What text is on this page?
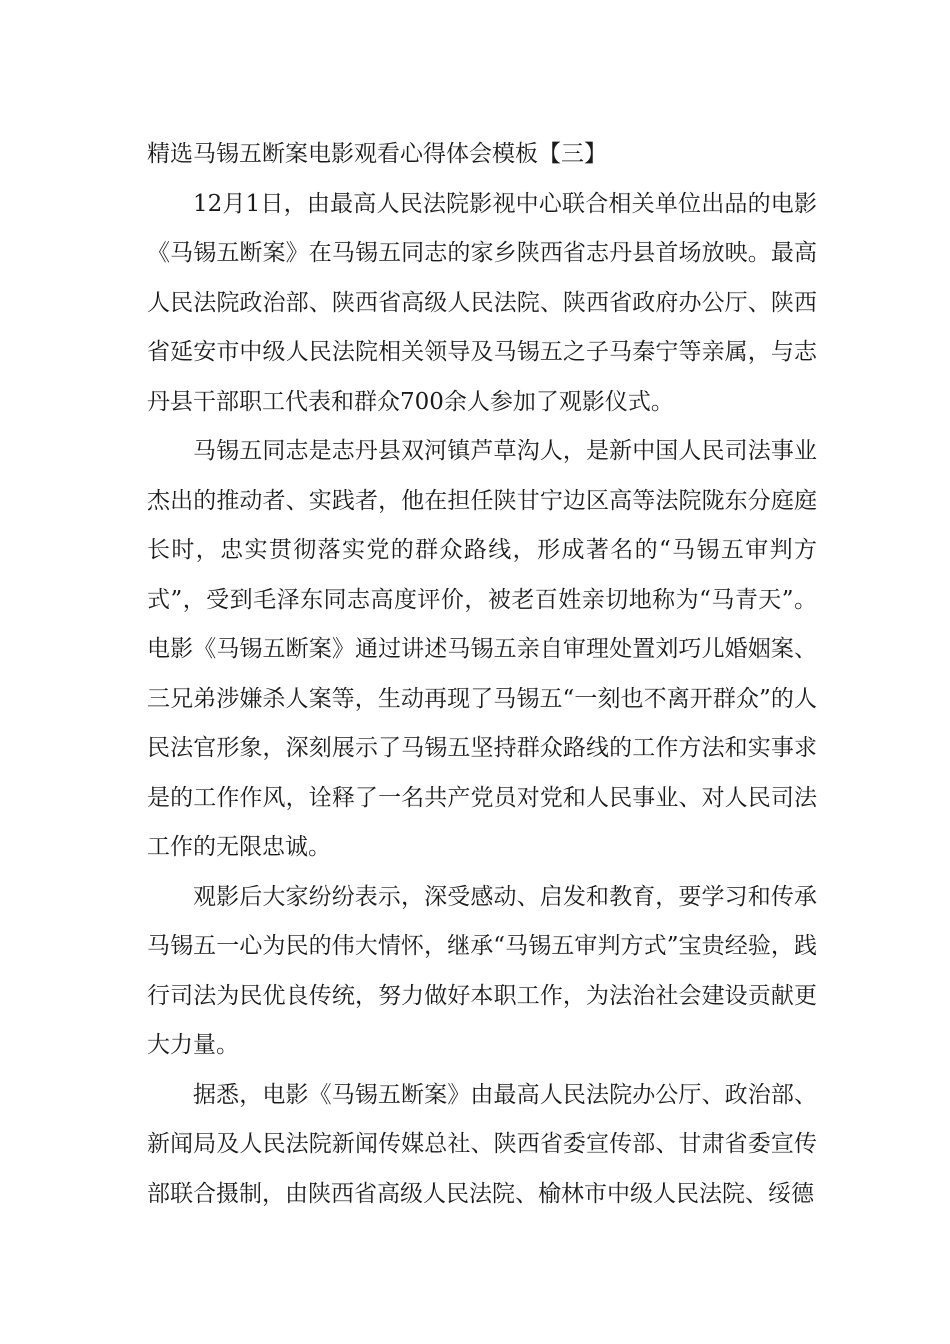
精选马锡五断案电影观看心得体会模板【三】

12月1日，由最高人民法院影视中心联合相关单位出品的电影《马锡五断案》在马锡五同志的家乡陕西省志丹县首场放映。最高人民法院政治部、陕西省高级人民法院、陕西省政府办公厅、陕西省延安市中级人民法院相关领导及马锡五之子马秦宁等亲属，与志丹县干部职工代表和群众700余人参加了观影仪式。

马锡五同志是志丹县双河镇芦草沟人，是新中国人民司法事业杰出的推动者、实践者，他在担任陕甘宁边区高等法院陇东分庭庭长时，忠实贯彻落实党的群众路线，形成著名的“马锡五审判方式”，受到毛泽东同志高度评价，被老百姓亲切地称为“马青天”。电影《马锡五断案》通过讲述马锡五亲自审理处置刘巧儿婚姻案、三兄弟涉嫌杀人案等，生动再现了马锡五“一刻也不离开群众”的人民法官形象，深刻展示了马锡五坚持群众路线的工作方法和实事求是的工作作风，诠释了一名共产党员对党和人民事业、对人民司法工作的无限忠诚。

观影后大家纷纷表示，深受感动、启发和教育，要学习和传承马锡五一心为民的伟大情怀，继承“马锡五审判方式”宝贵经验，践行司法为民优良传统，努力做好本职工作，为法治社会建设贡献更大力量。

据悉，电影《马锡五断案》由最高人民法院办公厅、政治部、新闻局及人民法院新闻传媒总社、陕西省委宣传部、甘肃省委宣传部联合摄制，由陕西省高级人民法院、榆林市中级人民法院、绥德
